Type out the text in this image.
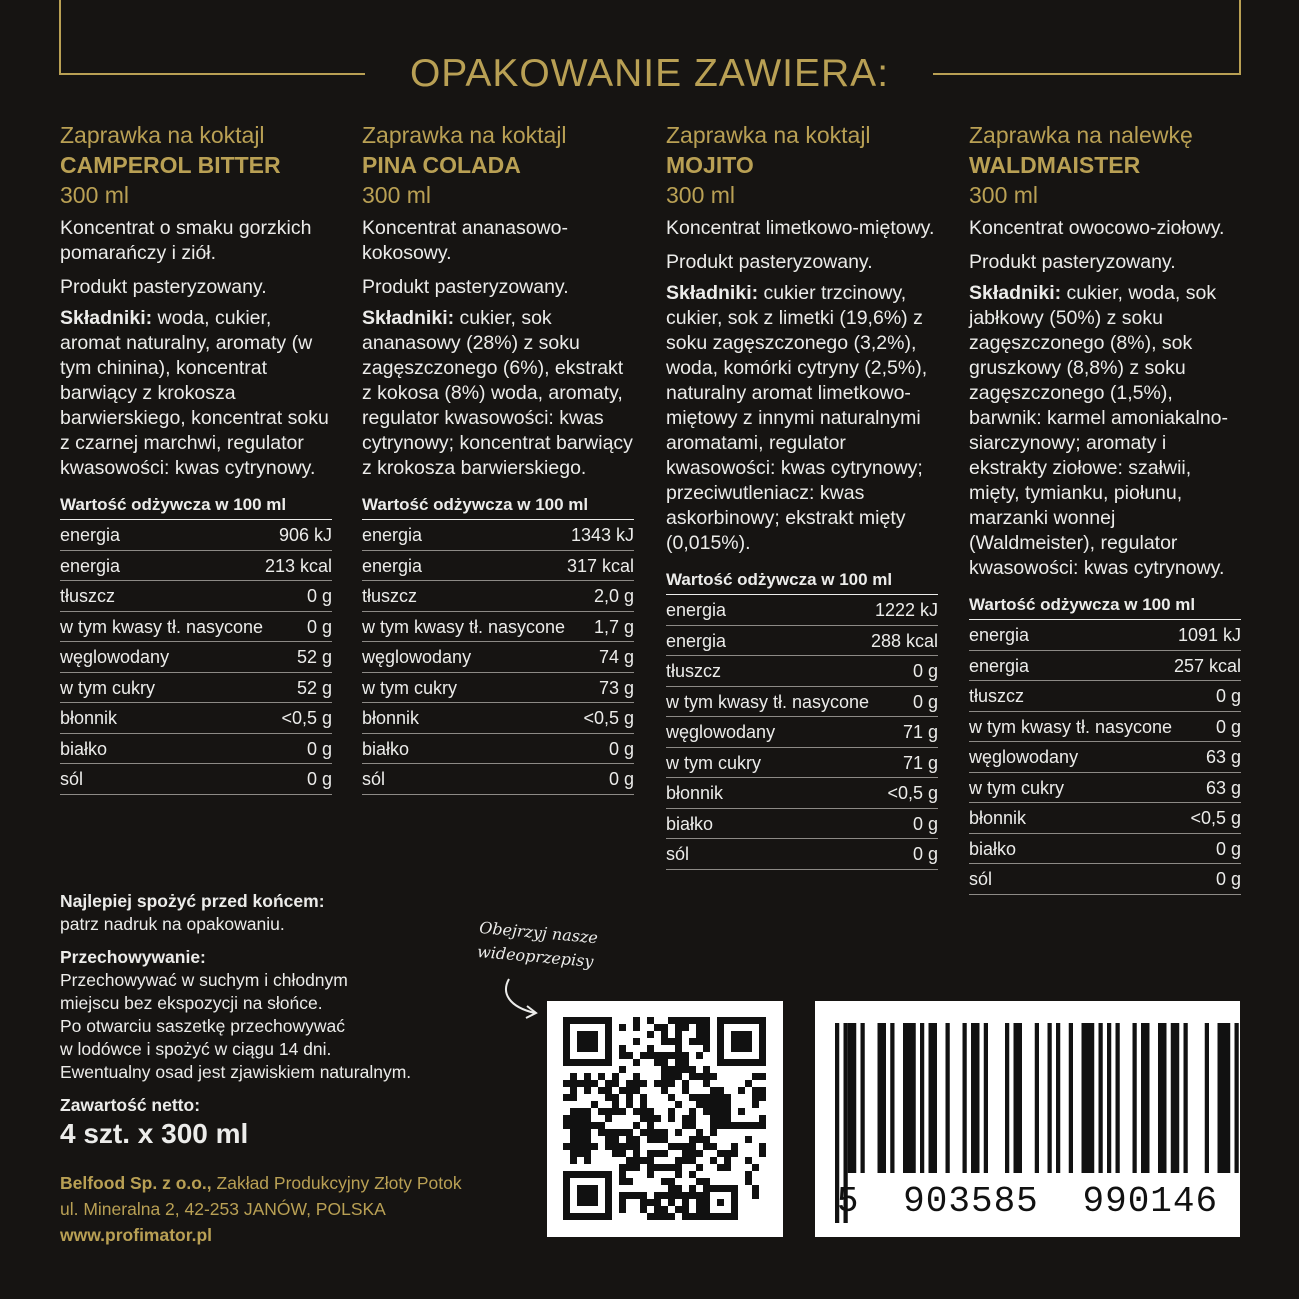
OPAKOWANIE ZAWIERA:
Zaprawka na koktajl
CAMPEROL BITTER
300 ml

Koncentrat o smaku gorzkich pomarańczy i ziół.

Produkt pasteryzowany.

Składniki: woda, cukier, aromat naturalny, aromaty (w tym chinina), koncentrat barwiący z krokosza barwierskiego, koncentrat soku z czarnej marchwi, regulator kwasowości: kwas cytrynowy.

Wartość odżywcza w 100 ml
energia	906 kJ
energia	213 kcal
tłuszcz	0 g
w tym kwasy tł. nasycone 0 g
węglowodany	52 g
w tym cukry	52 g
błonnik	<0,5 g
białko	0 g
sól	0 g
Zaprawka na koktajl
PINA COLADA
300 ml

Koncentrat ananasowo-kokosowy.

Produkt pasteryzowany.

Składniki: cukier, sok ananasowy (28%) z soku zagęszczonego (6%), ekstrakt z kokosa (8%) woda, aromaty, regulator kwasowości: kwas cytrynowy; koncentrat barwiący z krokosza barwierskiego.

Wartość odżywcza w 100 ml
energia	1343 kJ
energia	317 kcal
tłuszcz	2,0 g
w tym kwasy tł. nasycone 1,7 g
węglowodany	74 g
w tym cukry	73 g
błonnik	<0,5 g
białko	0 g
sól	0 g
Zaprawka na koktajl
MOJITO
300 ml

Koncentrat limetkowo-miętowy.

Produkt pasteryzowany.

Składniki: cukier trzcinowy, cukier, sok z limetki (19,6%) z soku zagęszczonego (3,2%), woda, komórki cytryny (2,5%), naturalny aromat limetkowo-miętowy z innymi naturalnymi aromatami, regulator kwasowości: kwas cytrynowy; przeciwutleniacz: kwas askorbinowy; ekstrakt mięty (0,015%).

Wartość odżywcza w 100 ml
energia	1222 kJ
energia	288 kcal
tłuszcz	0 g
w tym kwasy tł. nasycone 0 g
węglowodany	71 g
w tym cukry	71 g
błonnik	<0,5 g
białko	0 g
sól	0 g
Zaprawka na nalewkę
WALDMAISTER
300 ml

Koncentrat owocowo-ziołowy.

Produkt pasteryzowany.

Składniki: cukier, woda, sok jabłkowy (50%) z soku zagęszczonego (8%), sok gruszkowy (8,8%) z soku zagęszczonego (1,5%), barwnik: karmel amoniakalno-siarczynowy; aromaty i ekstrakty ziołowe: szałwii, mięty, tymianku, piołunu, marzanki wonnej (Waldmeister), regulator kwasowości: kwas cytrynowy.

Wartość odżywcza w 100 ml
energia	1091 kJ
energia	257 kcal
tłuszcz	0 g
w tym kwasy tł. nasycone 0 g
węglowodany	63 g
w tym cukry	63 g
błonnik	<0,5 g
białko	0 g
sól	0 g
Najlepiej spożyć przed końcem:
patrz nadruk na opakowaniu.
Przechowywanie:
Przechowywać w suchym i chłodnym
miejscu bez ekspozycji na słońce.
Po otwarciu saszetkę przechowywać
w lodówce i spożyć w ciągu 14 dni.
Ewentualny osad jest zjawiskiem naturalnym.
Zawartość netto:
4 szt. x 300 ml
Belfood Sp. z o.o., Zakład Produkcyjny Złoty Potok
ul. Mineralna 2, 42-253 JANÓW, POLSKA
www.profimator.pl
Obejrzyj nasze
wideoprzepisy
5 903585 990146
